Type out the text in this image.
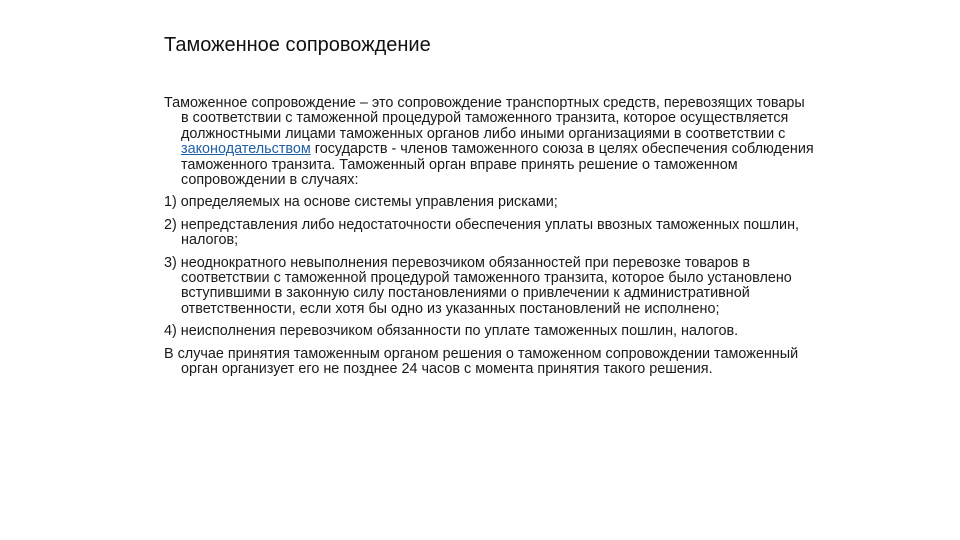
Таможенное сопровождение

Таможенное сопровождение – это сопровождение транспортных средств, перевозящих товары в соответствии с таможенной процедурой таможенного транзита, которое осуществляется должностными лицами таможенных органов либо иными организациями в соответствии с законодательством государств - членов таможенного союза в целях обеспечения соблюдения таможенного транзита. Таможенный орган вправе принять решение о таможенном сопровождении в случаях:

1) определяемых на основе системы управления рисками;

2) непредставления либо недостаточности обеспечения уплаты ввозных таможенных пошлин, налогов;

3) неоднократного невыполнения перевозчиком обязанностей при перевозке товаров в соответствии с таможенной процедурой таможенного транзита, которое было установлено вступившими в законную силу постановлениями о привлечении к административной ответственности, если хотя бы одно из указанных постановлений не исполнено;

4) неисполнения перевозчиком обязанности по уплате таможенных пошлин, налогов.

В случае принятия таможенным органом решения о таможенном сопровождении таможенный орган организует его не позднее 24 часов с момента принятия такого решения.
